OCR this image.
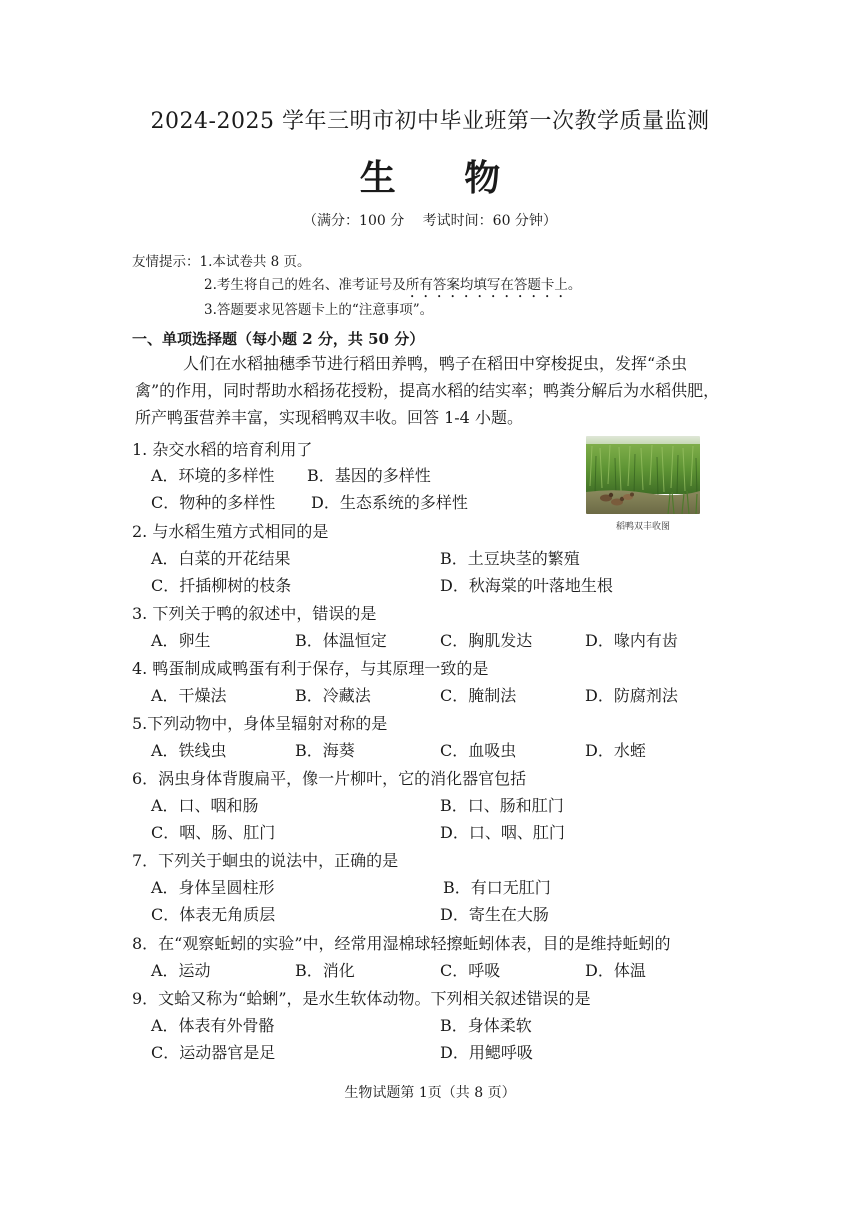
2024-2025 学年三明市初中毕业班第一次教学质量监测
生 物
（满分：100 分　 考试时间：60 分钟）
友情提示：1.本试卷共 8 页。
2.考生将自己的姓名、准考证号及所有答案均填写在答题卡上。
3.答题要求见答题卡上的“注意事项”。
一、单项选择题（每小题 2 分，共 50 分）
人们在水稻抽穗季节进行稻田养鸭，鸭子在稻田中穿梭捉虫，发挥“杀虫禽”的作用，同时帮助水稻扬花授粉，提高水稻的结实率；鸭粪分解后为水稻供肥，所产鸭蛋营养丰富，实现稻鸭双丰收。回答 1-4 小题。
稻鸭双丰收图
1. 杂交水稻的培育利用了
A．环境的多样性 B．基因的多样性
C．物种的多样性 D．生态系统的多样性
2. 与水稻生殖方式相同的是
A．白菜的开花结果	B．土豆块茎的繁殖
C．扦插柳树的枝条	D．秋海棠的叶落地生根
3. 下列关于鸭的叙述中，错误的是
A．卵生	B．体温恒定	C．胸肌发达	D．喙内有齿
4. 鸭蛋制成咸鸭蛋有利于保存，与其原理一致的是
A．干燥法	B．冷藏法	C．腌制法	D．防腐剂法
5.下列动物中，身体呈辐射对称的是
A．铁线虫	B．海葵	C．血吸虫	D．水蛭
6．涡虫身体背腹扁平，像一片柳叶，它的消化器官包括
A．口、咽和肠	B．口、肠和肛门
C．咽、肠、肛门	D．口、咽、肛门
7．下列关于蛔虫的说法中，正确的是
A．身体呈圆柱形	B．有口无肛门
C．体表无角质层	D．寄生在大肠
8．在“观察蚯蚓的实验”中，经常用湿棉球轻擦蚯蚓体表，目的是维持蚯蚓的
A．运动	B．消化	C．呼吸	D．体温
9．文蛤又称为“蛤蜊”，是水生软体动物。下列相关叙述错误的是
A．体表有外骨骼	B．身体柔软
C．运动器官是足	D．用鳃呼吸
生物试题第 1页（共 8 页）
